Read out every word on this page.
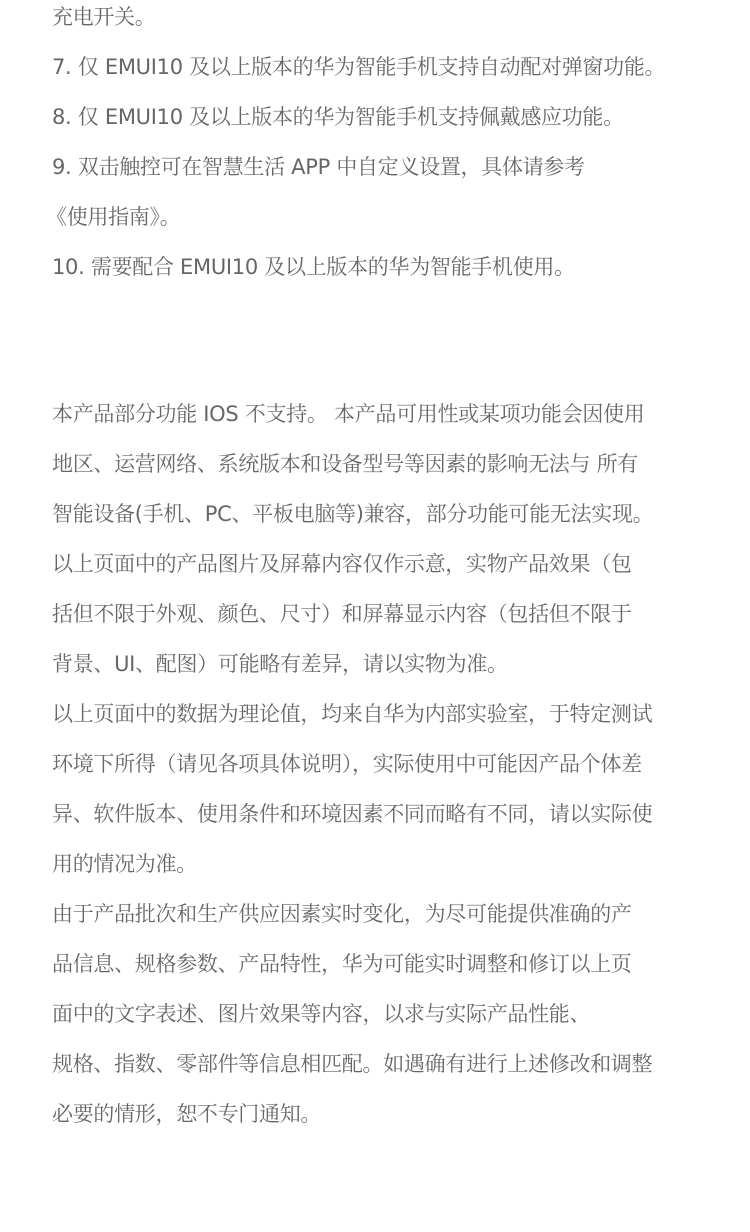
充电开关。
7. 仅 EMUI10 及以上版本的华为智能手机支持自动配对弹窗功能。
8. 仅 EMUI10 及以上版本的华为智能手机支持佩戴感应功能。
9. 双击触控可在智慧生活 APP 中自定义设置，具体请参考
《使用指南》。
10. 需要配合 EMUI10 及以上版本的华为智能手机使用。
本产品部分功能 IOS 不支持。 本产品可用性或某项功能会因使用
地区、运营网络、系统版本和设备型号等因素的影响无法与 所有
智能设备(手机、PC、平板电脑等)兼容，部分功能可能无法实现。
以上页面中的产品图片及屏幕内容仅作示意，实物产品效果（包
括但不限于外观、颜色、尺寸）和屏幕显示内容（包括但不限于
背景、UI、配图）可能略有差异，请以实物为准。
以上页面中的数据为理论值，均来自华为内部实验室，于特定测试
环境下所得（请见各项具体说明），实际使用中可能因产品个体差
异、软件版本、使用条件和环境因素不同而略有不同，请以实际使
用的情况为准。
由于产品批次和生产供应因素实时变化，为尽可能提供准确的产
品信息、规格参数、产品特性，华为可能实时调整和修订以上页
面中的文字表述、图片效果等内容，以求与实际产品性能、
规格、指数、零部件等信息相匹配。如遇确有进行上述修改和调整
必要的情形，恕不专门通知。
